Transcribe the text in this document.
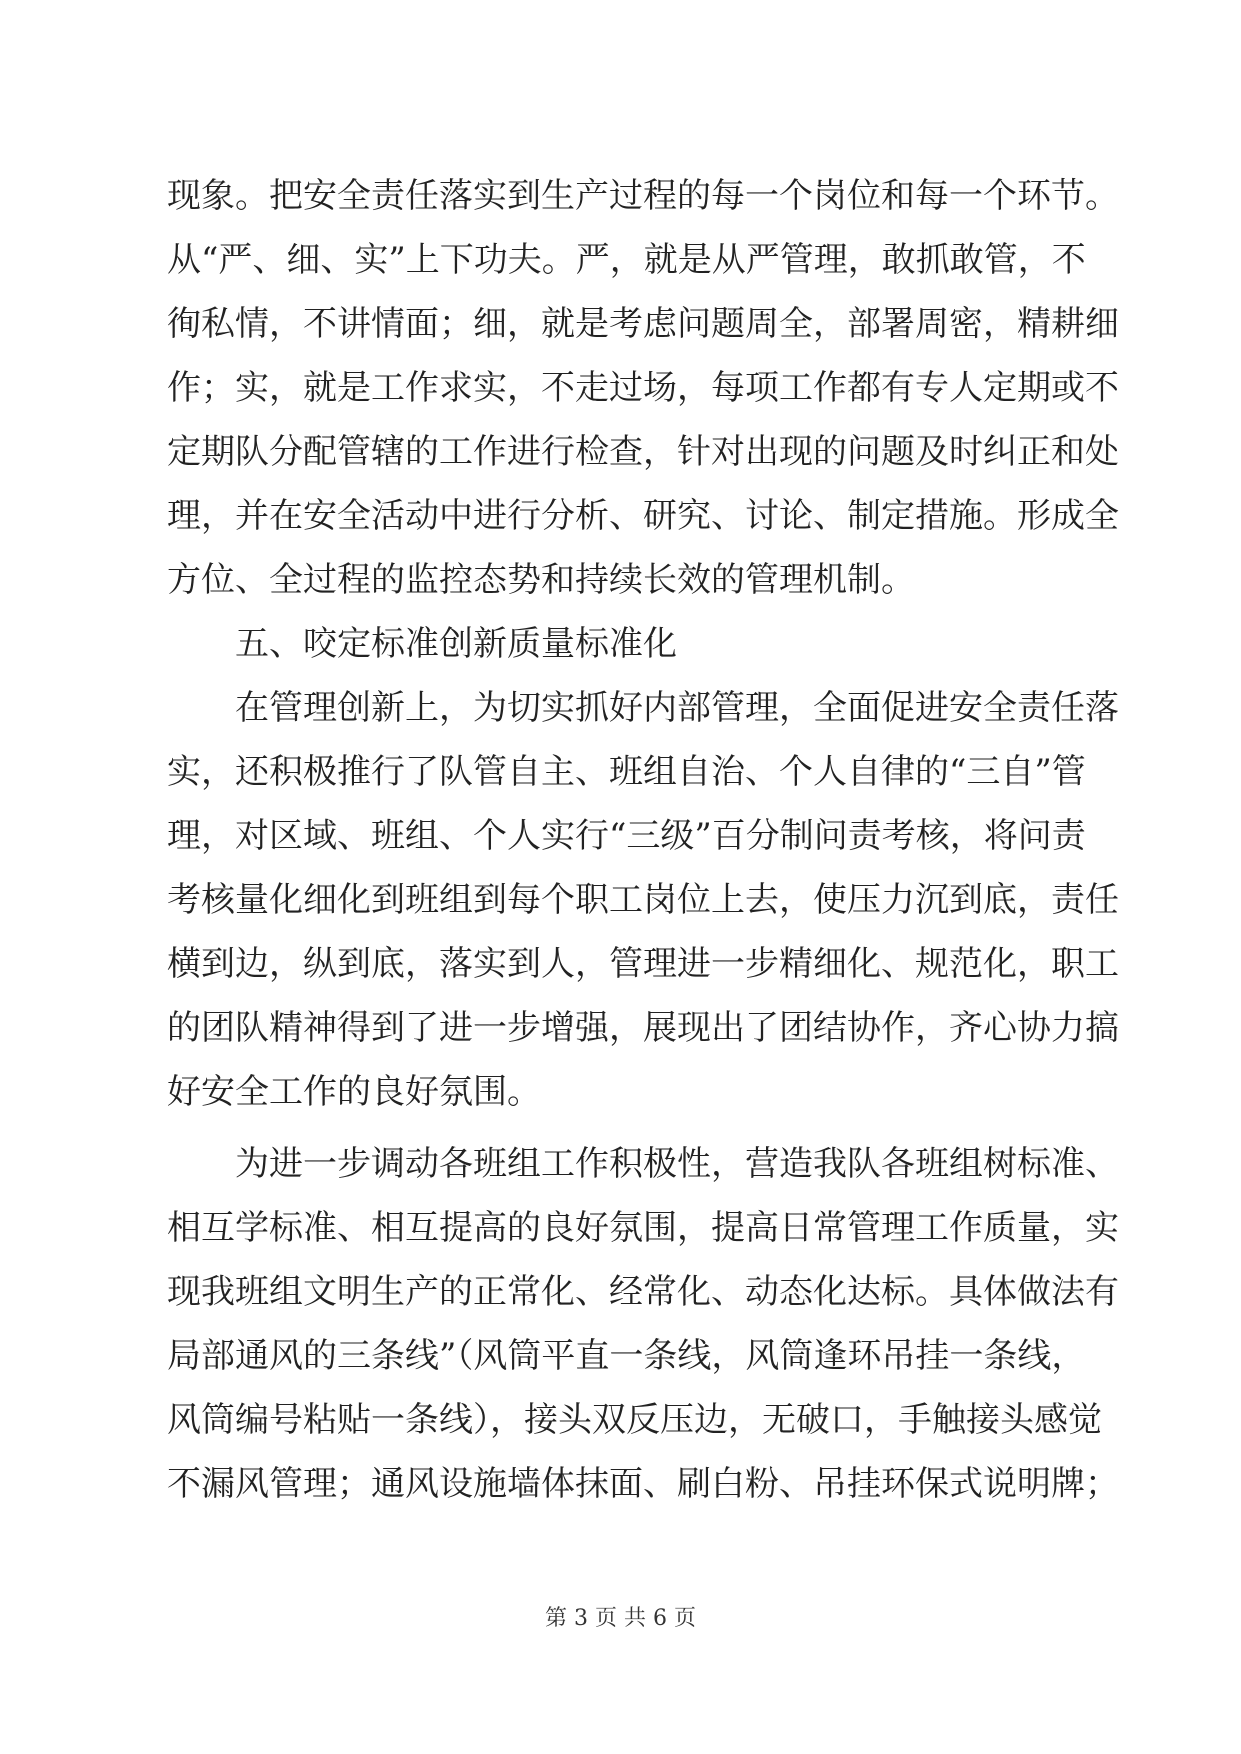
现象。把安全责任落实到生产过程的每一个岗位和每一个环节。
从“严、细、实”上下功夫。严，就是从严管理，敢抓敢管，不
徇私情，不讲情面；细，就是考虑问题周全，部署周密，精耕细
作；实，就是工作求实，不走过场，每项工作都有专人定期或不
定期队分配管辖的工作进行检查，针对出现的问题及时纠正和处
理，并在安全活动中进行分析、研究、讨论、制定措施。形成全
方位、全过程的监控态势和持续长效的管理机制。
五、咬定标准创新质量标准化
在管理创新上，为切实抓好内部管理，全面促进安全责任落
实，还积极推行了队管自主、班组自治、个人自律的“三自”管
理，对区域、班组、个人实行“三级”百分制问责考核，将问责
考核量化细化到班组到每个职工岗位上去，使压力沉到底，责任
横到边，纵到底，落实到人，管理进一步精细化、规范化，职工
的团队精神得到了进一步增强，展现出了团结协作，齐心协力搞
好安全工作的良好氛围。
为进一步调动各班组工作积极性，营造我队各班组树标准、
相互学标准、相互提高的良好氛围，提高日常管理工作质量，实
现我班组文明生产的正常化、经常化、动态化达标。具体做法有
局部通风的三条线”（风筒平直一条线，风筒逢环吊挂一条线，
风筒编号粘贴一条线），接头双反压边，无破口，手触接头感觉
不漏风管理；通风设施墙体抹面、刷白粉、吊挂环保式说明牌；
第 3 页 共 6 页
